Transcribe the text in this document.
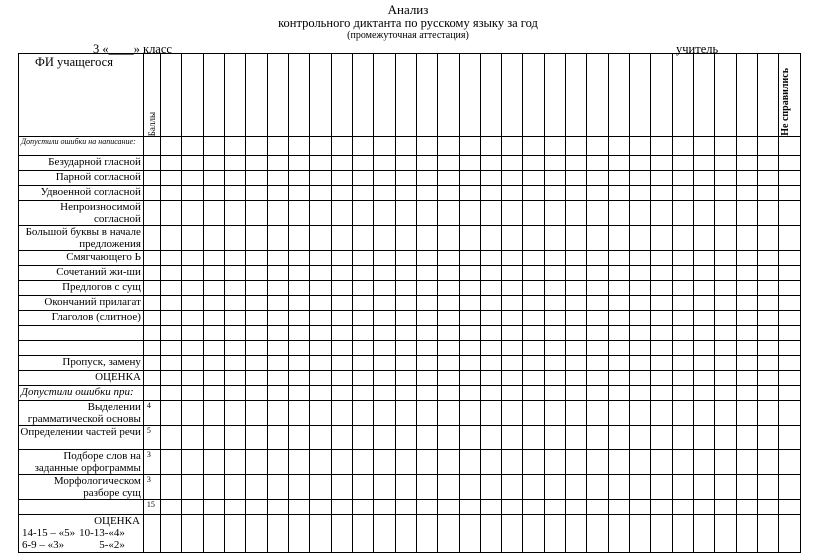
Анализ
контрольного диктанта по русскому языку за год
(промежуточная аттестация)
3 «____» класс	учитель
ФИ учащегося	Баллы																														Не справились

Допустили ошибки на написание:																															
Безударной гласной																															
Парной согласной																															
Удвоенной согласной																															
Непроизносимой согласной																															
Большой буквы в начале предложения																															
Смягчающего Ь																															
Сочетаний жи-ши																															
Предлогов с сущ																															
Окончаний прилагат																															
Глаголов (слитное)																															

Пропуск, замену																															
ОЦЕНКА																															
Допустили ошибки при:																															
Выделении грамматической основы	4																														
Определении частей речи	5																														
Подборе слов на заданные орфограммы	3																														
Морфологическом разборе сущ	3																														
	15																														

ОЦЕНКА
14-15 – «5» 10-13-«4»
6-9 – «3» 5-«2»																															
